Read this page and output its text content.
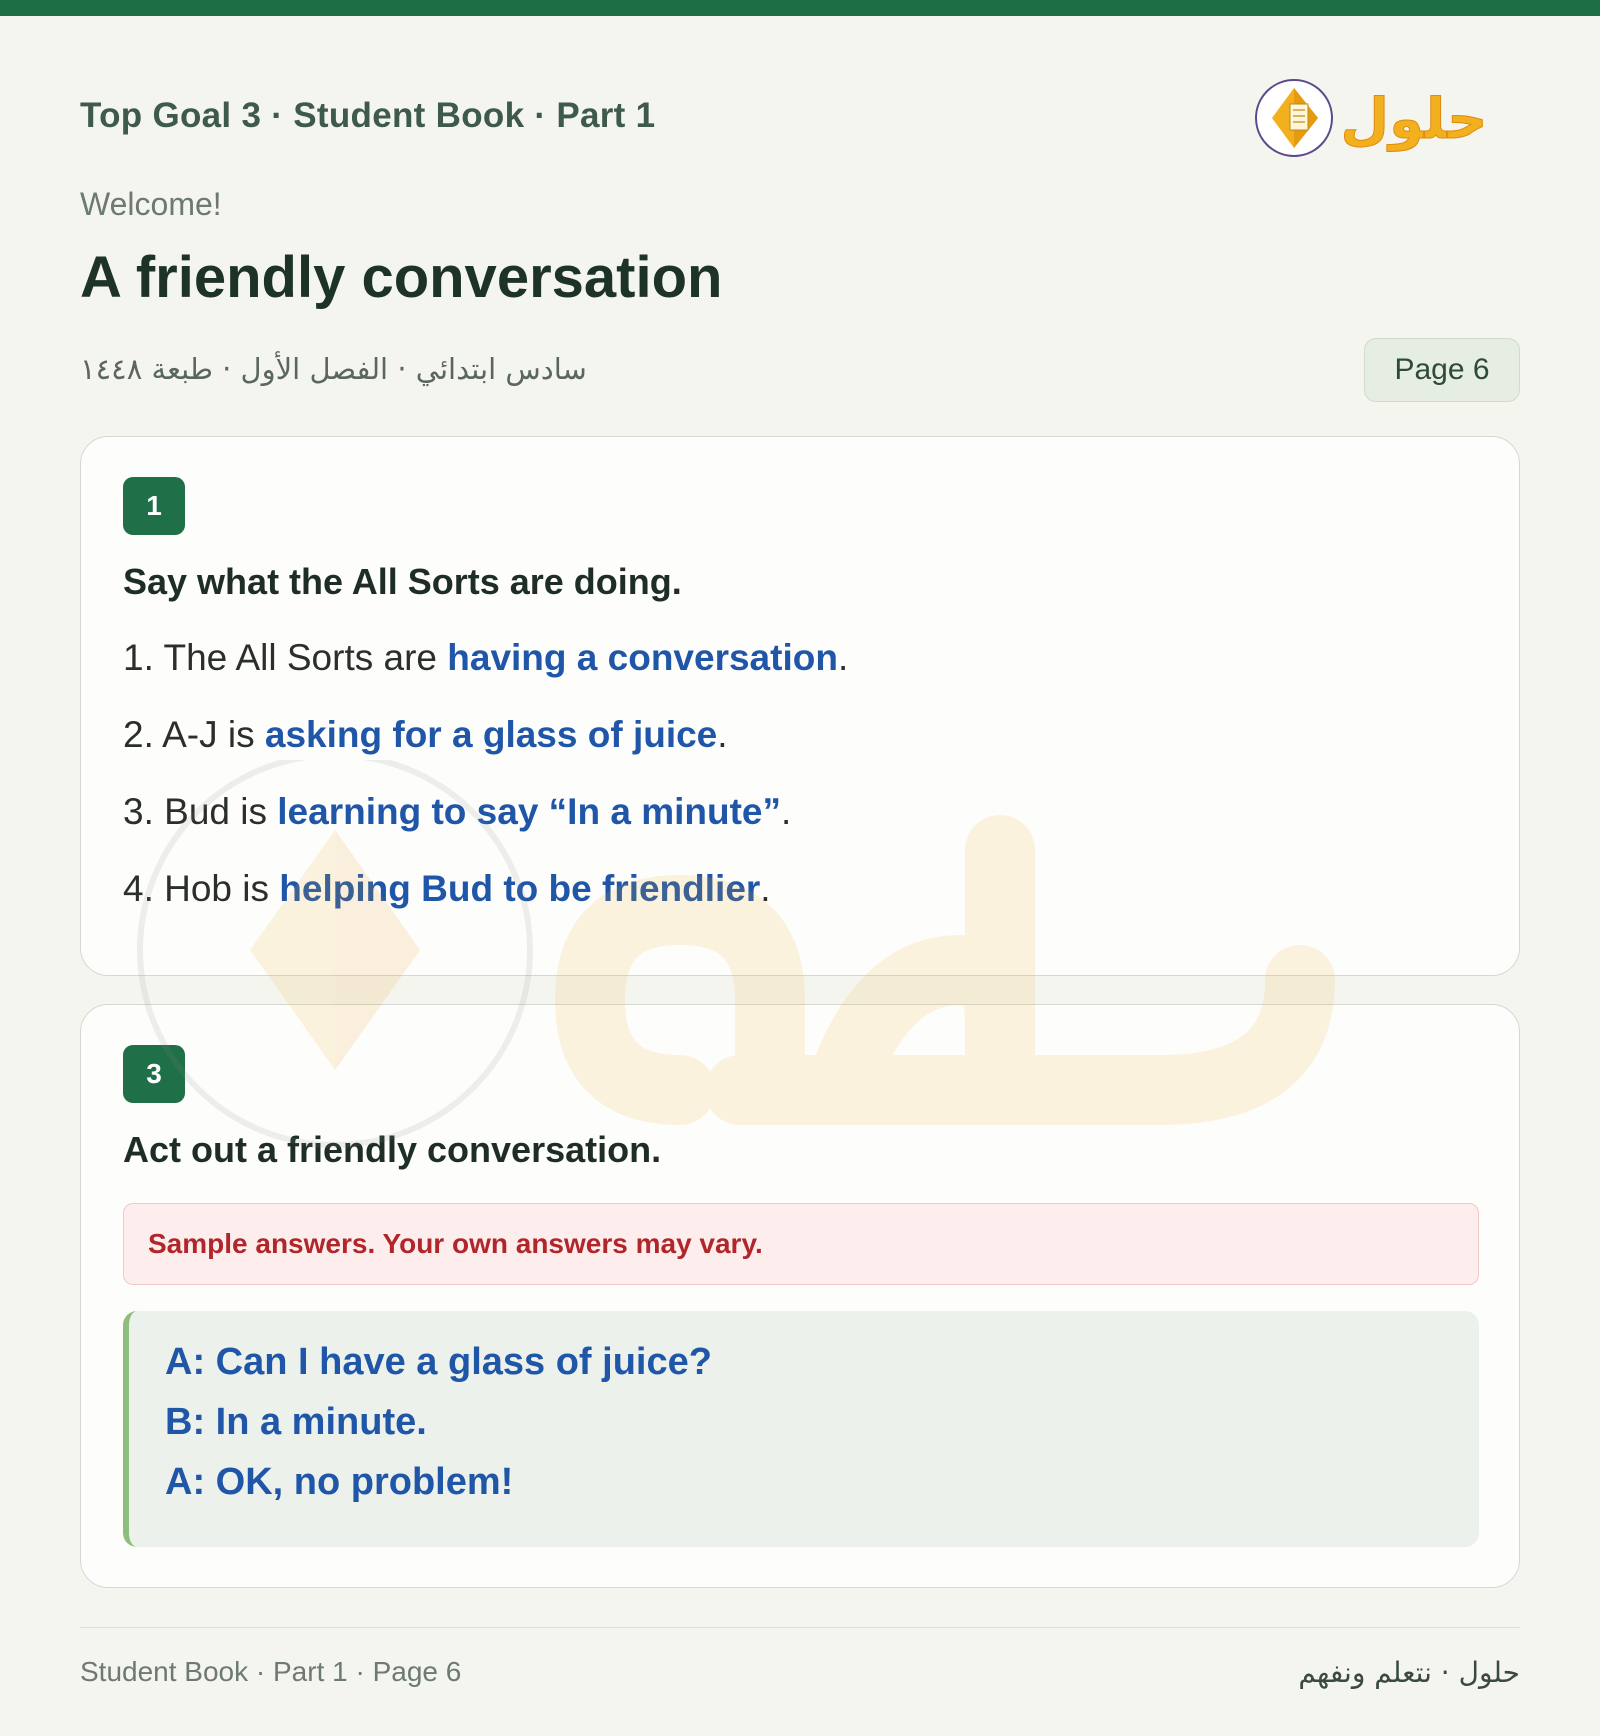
Top Goal 3 · Student Book · Part 1	حلول
Welcome!
A friendly conversation
سادس ابتدائي · الفصل الأول · طبعة ١٤٤٨	Page 6
1
Say what the All Sorts are doing.
1. The All Sorts are having a conversation.
2. A-J is asking for a glass of juice.
3. Bud is learning to say “In a minute”.
4. Hob is helping Bud to be friendlier.
3
Act out a friendly conversation.
Sample answers. Your own answers may vary.
A: Can I have a glass of juice?
B: In a minute.
A: OK, no problem!
Student Book · Part 1 · Page 6	حلول · نتعلم ونفهم
